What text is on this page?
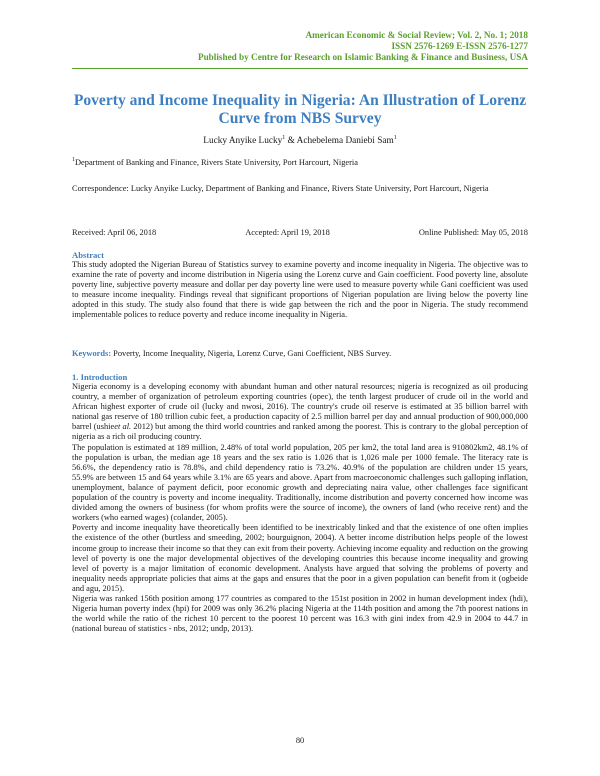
American Economic & Social Review; Vol. 2, No. 1; 2018
ISSN 2576-1269 E-ISSN 2576-1277
Published by Centre for Research on Islamic Banking & Finance and Business, USA
Poverty and Income Inequality in Nigeria: An Illustration of Lorenz Curve from NBS Survey
Lucky Anyike Lucky$^1$ & Achebelema Daniebi Sam$^1$
$^1$Department of Banking and Finance, Rivers State University, Port Harcourt, Nigeria
Correspondence: Lucky Anyike Lucky, Department of Banking and Finance, Rivers State University, Port Harcourt, Nigeria
Received: April 06, 2018	Accepted: April 19, 2018	Online Published: May 05, 2018
Abstract
This study adopted the Nigerian Bureau of Statistics survey to examine poverty and income inequality in Nigeria. The objective was to examine the rate of poverty and income distribution in Nigeria using the Lorenz curve and Gain coefficient. Food poverty line, absolute poverty line, subjective poverty measure and dollar per day poverty line were used to measure poverty while Gani coefficient was used to measure income inequality. Findings reveal that significant proportions of Nigerian population are living below the poverty line adopted in this study. The study also found that there is wide gap between the rich and the poor in Nigeria. The study recommend implementable polices to reduce poverty and reduce income inequality in Nigeria.
Keywords: Poverty, Income Inequality, Nigeria, Lorenz Curve, Gani Coefficient, NBS Survey.
1. Introduction

Nigeria economy is a developing economy with abundant human and other natural resources; nigeria is recognized as oil producing country, a member of organization of petroleum exporting countries (opec), the tenth largest producer of crude oil in the world and African highest exporter of crude oil (lucky and nwosi, 2016). The country's crude oil reserve is estimated at 35 billion barrel with national gas reserve of 180 trillion cubic feet, a production capacity of 2.5 million barrel per day and annual production of 900,000,000 barrel (ushieet al. 2012) but among the third world countries and ranked among the poorest. This is contrary to the global perception of nigeria as a rich oil producing country.

The population is estimated at 189 million, 2.48% of total world population, 205 per km2, the total land area is 910802km2, 48.1% of the population is urban, the median age 18 years and the sex ratio is 1.026 that is 1,026 male per 1000 female. The literacy rate is 56.6%, the dependency ratio is 78.8%, and child dependency ratio is 73.2%. 40.9% of the population are children under 15 years, 55.9% are between 15 and 64 years while 3.1% are 65 years and above. Apart from macroeconomic challenges such galloping inflation, unemployment, balance of payment deficit, poor economic growth and depreciating naira value, other challenges face significant population of the country is poverty and income inequality. Traditionally, income distribution and poverty concerned how income was divided among the owners of business (for whom profits were the source of income), the owners of land (who receive rent) and the workers (who earned wages) (colander, 2005).

Poverty and income inequality have theoretically been identified to be inextricably linked and that the existence of one often implies the existence of the other (burtless and smeeding, 2002; bourguignon, 2004). A better income distribution helps people of the lowest income group to increase their income so that they can exit from their poverty. Achieving income equality and reduction on the growing level of poverty is one the major developmental objectives of the developing countries this because income inequality and growing level of poverty is a major limitation of economic development. Analysts have argued that solving the problems of poverty and inequality needs appropriate policies that aims at the gaps and ensures that the poor in a given population can benefit from it (ogbeide and agu, 2015).

Nigeria was ranked 156th position among 177 countries as compared to the 151st position in 2002 in human development index (hdi), Nigeria human poverty index (hpi) for 2009 was only 36.2% placing Nigeria at the 114th position and among the 7th poorest nations in the world while the ratio of the richest 10 percent to the poorest 10 percent was 16.3 with gini index from 42.9 in 2004 to 44.7 in (national bureau of statistics - nbs, 2012; undp, 2013).

80
